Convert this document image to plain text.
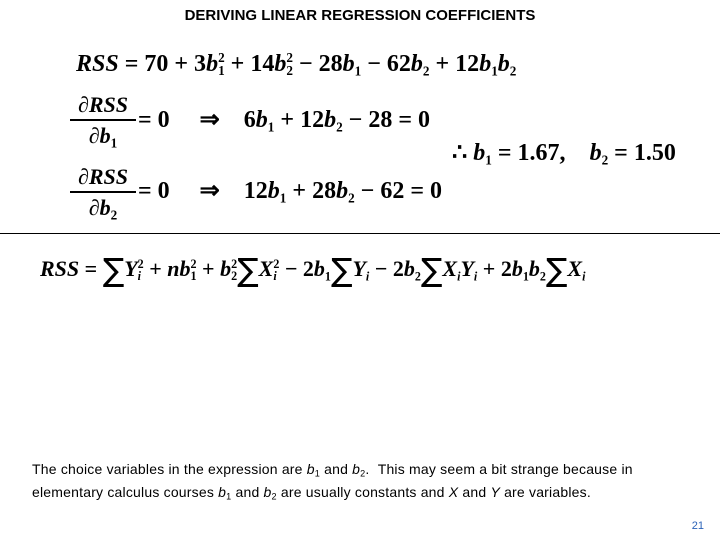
DERIVING LINEAR REGRESSION COEFFICIENTS
RSS = 70 + 3b 2
1 + 14b 2
$2 - 28b_1 - 62b_2 + 12b_1b_2$
∂RSS
$\partial b_1$
= 0     ⇒    $6b_1 + 12b_2 - 28 = 0$
∴ $b_1 = 1.67$,    $b_2 = 1.50$
∂RSS
$\partial b_2$
= 0     ⇒    $12b_1 + 28b_2 - 62 = 0$
RSS = ∑Y 2
i + nb 2
1 + b 2
2 ∑X 2
$i - 2b_1\sum Y_i - 2b_2\sum X_iY_i + 2b_1b_2\sum X_i$
The choice variables in the expression are $b_1$ and $b_2$.  This may seem a bit strange because in elementary calculus courses $b_1$ and $b_2$ are usually constants and X and Y are variables.
21
